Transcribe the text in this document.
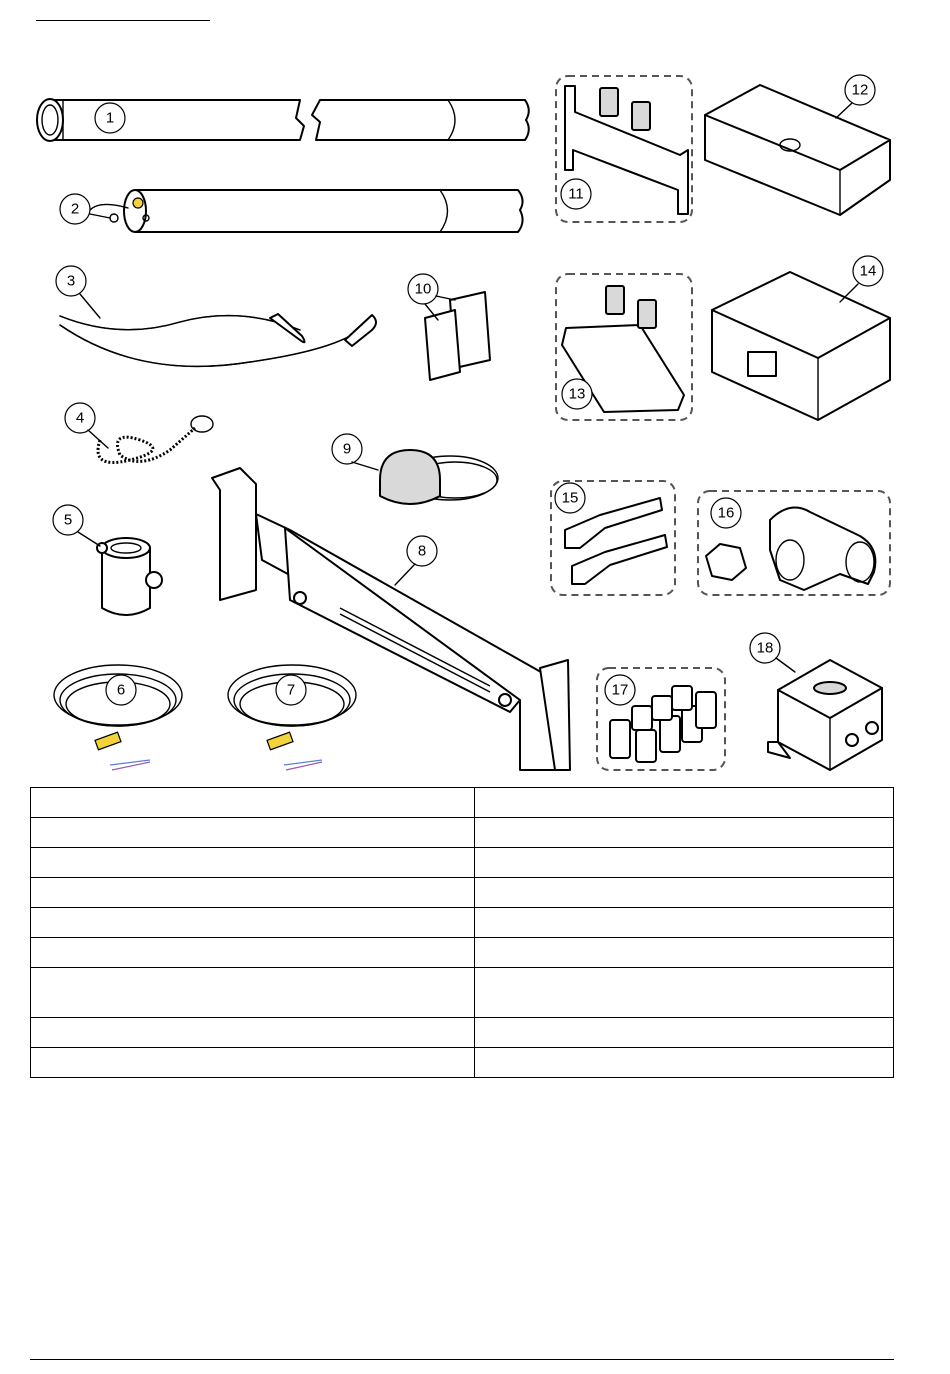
1
2
3
4
5
6	7
8
9
10
11
12
13
14
15
16
17
18
